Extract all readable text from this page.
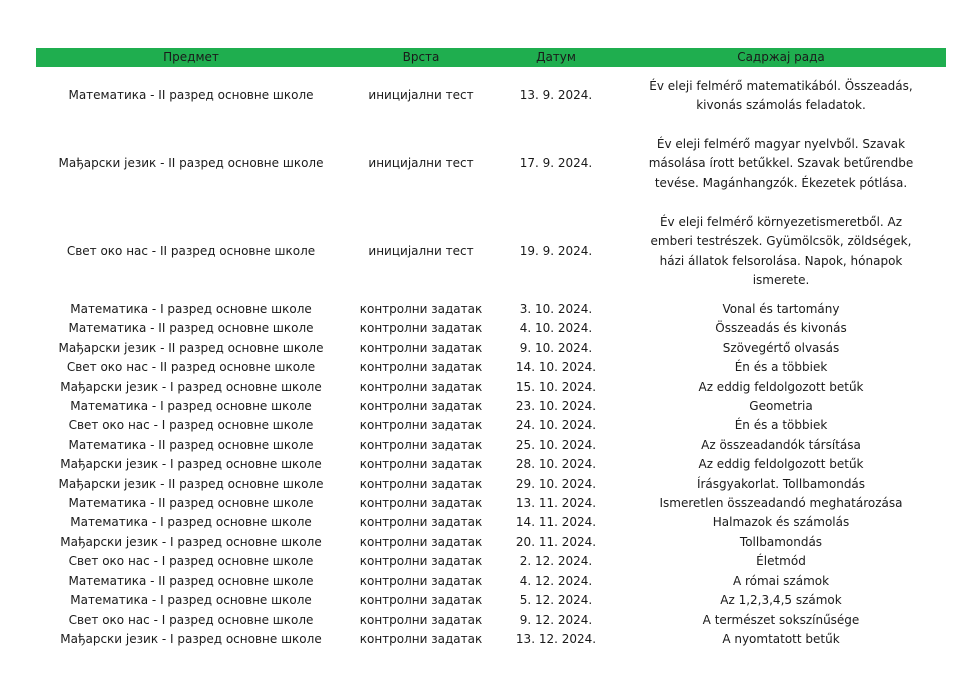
Предмет	Врста	Датум	Садржај рада
Математика - II разред основне школе	иницијални тест	13. 9. 2024.	Év eleji felmérő matematikából. Összeadás, kivonás számolás feladatok.

Мађарски језик - II разред основне школе	иницијални тест	17. 9. 2024.	Év eleji felmérő magyar nyelvből. Szavak másolása írott betűkkel. Szavak betűrendbe tevése. Magánhangzók. Ékezetek pótlása.

Свет око нас - II разред основне школе	иницијални тест	19. 9. 2024.	Év eleji felmérő környezetismeretből. Az emberi testrészek. Gyümölcsök, zöldségek, házi állatok felsorolása. Napok, hónapok ismerete.

Математика - I разред основне школе	контролни задатак	3. 10. 2024.	Vonal és tartomány
Математика - II разред основне школе	контролни задатак	4. 10. 2024.	Összeadás és kivonás
Мађарски језик - II разред основне школе	контролни задатак	9. 10. 2024.	Szövegértő olvasás
Свет око нас - II разред основне школе	контролни задатак	14. 10. 2024.	Én és a többiek
Мађарски језик - I разред основне школе	контролни задатак	15. 10. 2024.	Az eddig feldolgozott betűk
Математика - I разред основне школе	контролни задатак	23. 10. 2024.	Geometria
Свет око нас - I разред основне школе	контролни задатак	24. 10. 2024.	Én és a többiek
Математика - II разред основне школе	контролни задатак	25. 10. 2024.	Az összeadandók társítása
Мађарски језик - I разред основне школе	контролни задатак	28. 10. 2024.	Az eddig feldolgozott betűk
Мађарски језик - II разред основне школе	контролни задатак	29. 10. 2024.	Írásgyakorlat. Tollbamondás
Математика - II разред основне школе	контролни задатак	13. 11. 2024.	Ismeretlen összeadandó meghatározása
Математика - I разред основне школе	контролни задатак	14. 11. 2024.	Halmazok és számolás
Мађарски језик - I разред основне школе	контролни задатак	20. 11. 2024.	Tollbamondás
Свет око нас - I разред основне школе	контролни задатак	2. 12. 2024.	Életmód
Математика - II разред основне школе	контролни задатак	4. 12. 2024.	A római számok
Математика - I разред основне школе	контролни задатак	5. 12. 2024.	Az 1,2,3,4,5 számok
Свет око нас - I разред основне школе	контролни задатак	9. 12. 2024.	A természet sokszínűsége
Мађарски језик - I разред основне школе	контролни задатак	13. 12. 2024.	A nyomtatott betűk
